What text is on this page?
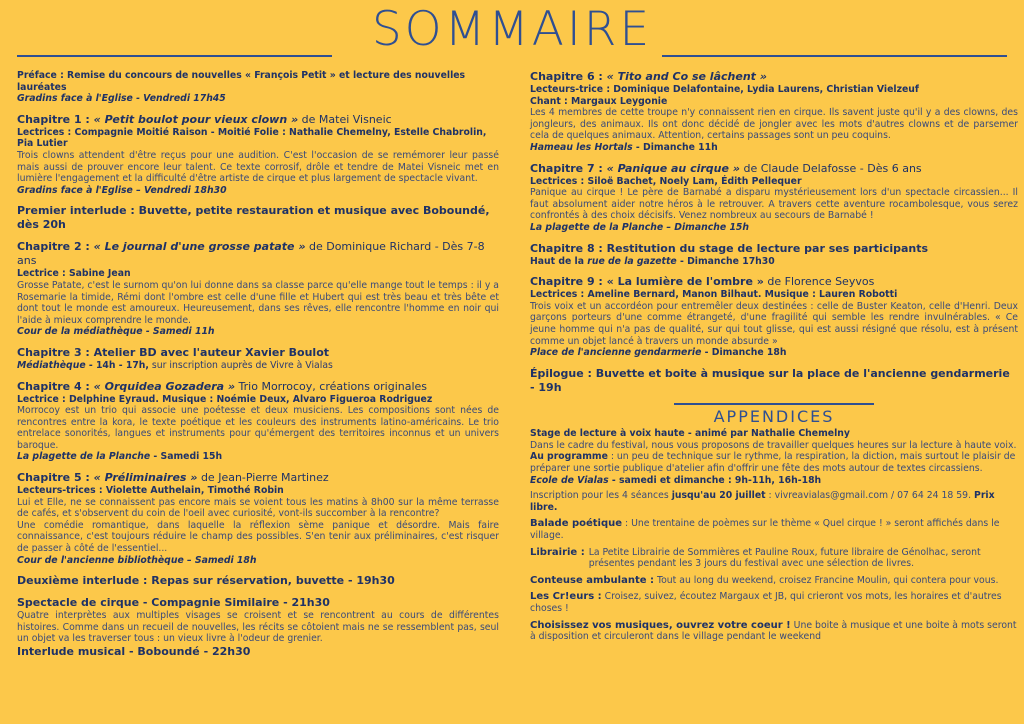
SOMMAIRE
Préface : Remise du concours de nouvelles « François Petit » et lecture des nouvelles lauréates
Gradins face à l'Eglise - Vendredi 17h45
Chapitre 1 : « Petit boulot pour vieux clown » de Matei Visneic
Lectrices : Compagnie Moitié Raison - Moitié Folie : Nathalie Chemelny, Estelle Chabrolin, Pia Lutier
Trois clowns attendent d'être reçus pour une audition. C'est l'occasion de se remémorer leur passé mais aussi de prouver encore leur talent. Ce texte corrosif, drôle et tendre de Matei Visneic met en lumière l'engagement et la difficulté d'être artiste de cirque et plus largement de spectacle vivant.
Gradins face à l'Eglise – Vendredi 18h30
Premier interlude : Buvette, petite restauration et musique avec Boboundé, dès 20h
Chapitre 2 : « Le journal d'une grosse patate » de Dominique Richard - Dès 7-8 ans
Lectrice : Sabine Jean
Grosse Patate, c'est le surnom qu'on lui donne dans sa classe parce qu'elle mange tout le temps : il y a Rosemarie la timide, Rémi dont l'ombre est celle d'une fille et Hubert qui est très beau et très bête et dont tout le monde est amoureux. Heureusement, dans ses rêves, elle rencontre l'homme en noir qui l'aide à mieux comprendre le monde.
Cour de la médiathèque - Samedi 11h
Chapitre 3 : Atelier BD avec l'auteur Xavier Boulot
Médiathèque - 14h - 17h, sur inscription auprès de Vivre à Vialas
Chapitre 4 : « Orquidea Gozadera » Trio Morrocoy, créations originales
Lectrice : Delphine Eyraud. Musique : Noémie Deux, Alvaro Figueroa Rodriguez
Morrocoy est un trio qui associe une poétesse et deux musiciens. Les compositions sont nées de rencontres entre la kora, le texte poétique et les couleurs des instruments latino-américains. Le trio entrelace sonorités, langues et instruments pour qu'émergent des territoires inconnus et un univers baroque.
La plagette de la Planche - Samedi 15h
Chapitre 5 : « Préliminaires » de Jean-Pierre Martinez
Lecteurs-trices : Violette Authelain, Timothé Robin
Lui et Elle, ne se connaissent pas encore mais se voient tous les matins à 8h00 sur la même terrasse de cafés, et s'observent du coin de l'oeil avec curiosité, vont-ils succomber à la rencontre?
Une comédie romantique, dans laquelle la réflexion sème panique et désordre. Mais faire connaissance, c'est toujours réduire le champ des possibles. S'en tenir aux préliminaires, c'est risquer de passer à côté de l'essentiel...
Cour de l'ancienne bibliothèque – Samedi 18h
Deuxième interlude : Repas sur réservation, buvette - 19h30
Spectacle de cirque - Compagnie Similaire - 21h30
Quatre interprètes aux multiples visages se croisent et se rencontrent au cours de différentes histoires. Comme dans un recueil de nouvelles, les récits se côtoient mais ne se ressemblent pas, seul un objet va les traverser tous : un vieux livre à l'odeur de grenier.
Interlude musical - Boboundé - 22h30
Chapitre 6 : « Tito and Co se lâchent »
Lecteurs-trice : Dominique Delafontaine, Lydia Laurens, Christian Vielzeuf
Chant : Margaux Leygonie
Les 4 membres de cette troupe n'y connaissent rien en cirque. Ils savent juste qu'il y a des clowns, des jongleurs, des animaux. Ils ont donc décidé de jongler avec les mots d'autres clowns et de parsemer cela de quelques animaux. Attention, certains passages sont un peu coquins.
Hameau les Hortals - Dimanche 11h
Chapitre 7 : « Panique au cirque » de Claude Delafosse - Dès 6 ans
Lectrices : Siloë Bachet, Noely Lam, Édith Pellequer
Panique au cirque ! Le père de Barnabé a disparu mystérieusement lors d'un spectacle circassien... Il faut absolument aider notre héros à le retrouver. A travers cette aventure rocambolesque, vous serez confrontés à des choix décisifs. Venez nombreux au secours de Barnabé !
La plagette de la Planche – Dimanche 15h
Chapitre 8 : Restitution du stage de lecture par ses participants
Haut de la rue de la gazette - Dimanche 17h30
Chapitre 9 : « La lumière de l'ombre » de Florence Seyvos
Lectrices : Ameline Bernard, Manon Bilhaut. Musique : Lauren Robotti
Trois voix et un accordéon pour entremêler deux destinées : celle de Buster Keaton, celle d'Henri. Deux garçons porteurs d'une comme étrangeté, d'une fragilité qui semble les rendre invulnérables. « Ce jeune homme qui n'a pas de qualité, sur qui tout glisse, qui est aussi résigné que résolu, est à présent comme un objet lancé à travers un monde absurde »
Place de l'ancienne gendarmerie - Dimanche 18h
Épilogue : Buvette et boite à musique sur la place de l'ancienne gendarmerie - 19h
APPENDICES
Stage de lecture à voix haute - animé par Nathalie Chemelny
Dans le cadre du festival, nous vous proposons de travailler quelques heures sur la lecture à haute voix.
Au programme : un peu de technique sur le rythme, la respiration, la diction, mais surtout le plaisir de préparer une sortie publique d'atelier afin d'offrir une fête des mots autour de textes circassiens.
Ecole de Vialas - samedi et dimanche : 9h-11h, 16h-18h
Inscription pour les 4 séances jusqu'au 20 juillet : vivreavialas@gmail.com / 07 64 24 18 59. Prix libre.
Balade poétique : Une trentaine de poèmes sur le thème « Quel cirque ! » seront affichés dans le village.
Librairie : La Petite Librairie de Sommières et Pauline Roux, future libraire de Génolhac, seront présentes pendant les 3 jours du festival avec une sélection de livres.
Conteuse ambulante : Tout au long du weekend, croisez Francine Moulin, qui contera pour vous.
Les Cr!eurs : Croisez, suivez, écoutez Margaux et JB, qui crieront vos mots, les horaires et d'autres choses !
Choisissez vos musiques, ouvrez votre coeur ! Une boite à musique et une boite à mots seront à disposition et circuleront dans le village pendant le weekend
